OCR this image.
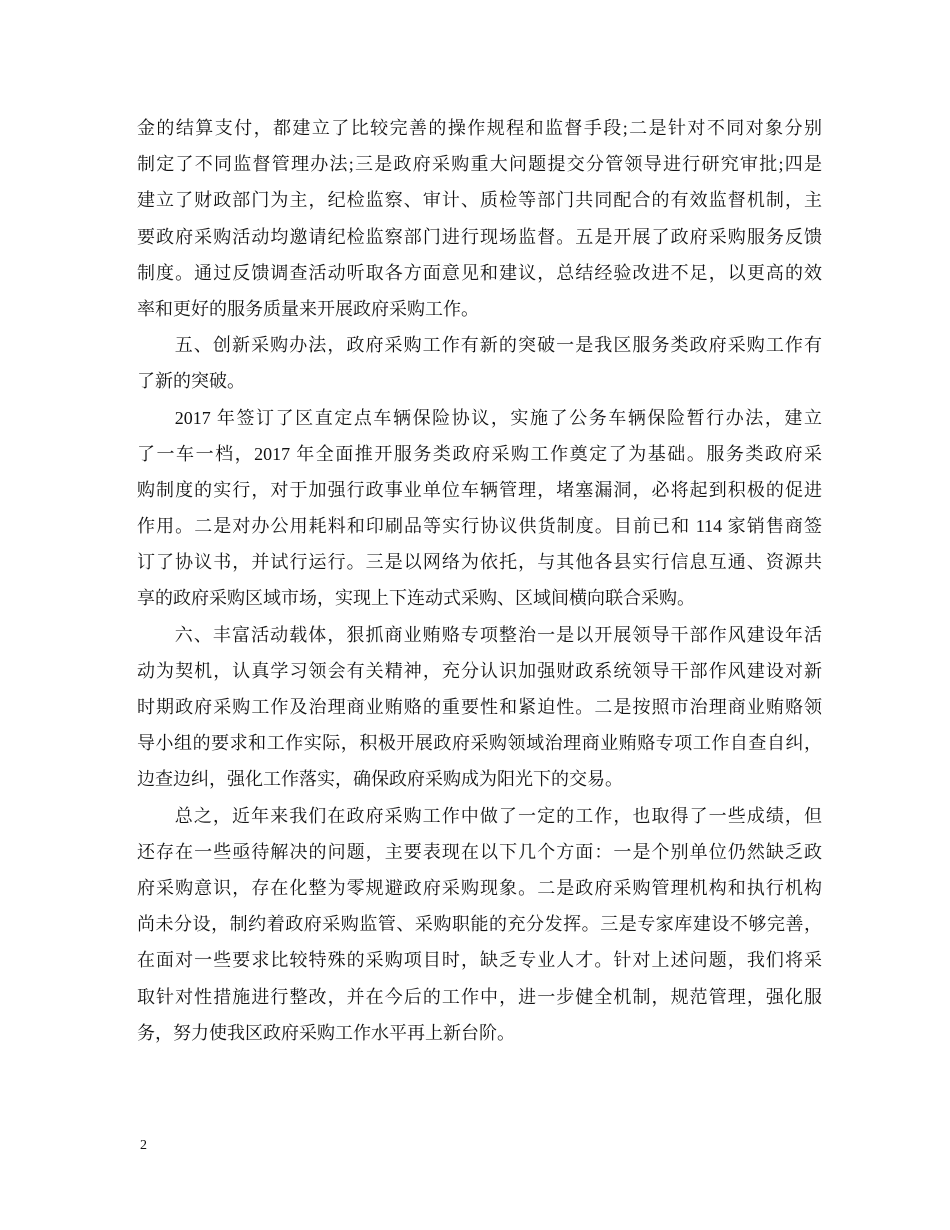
金的结算支付，都建立了比较完善的操作规程和监督手段;二是针对不同对象分别
制定了不同监督管理办法;三是政府采购重大问题提交分管领导进行研究审批;四是
建立了财政部门为主，纪检监察、审计、质检等部门共同配合的有效监督机制，主
要政府采购活动均邀请纪检监察部门进行现场监督。五是开展了政府采购服务反馈
制度。通过反馈调查活动听取各方面意见和建议，总结经验改进不足，以更高的效
率和更好的服务质量来开展政府采购工作。
五、创新采购办法，政府采购工作有新的突破一是我区服务类政府采购工作有
了新的突破。
2017 年签订了区直定点车辆保险协议，实施了公务车辆保险暂行办法，建立
了一车一档，2017 年全面推开服务类政府采购工作奠定了为基础。服务类政府采
购制度的实行，对于加强行政事业单位车辆管理，堵塞漏洞，必将起到积极的促进
作用。二是对办公用耗料和印刷品等实行协议供货制度。目前已和 114 家销售商签
订了协议书，并试行运行。三是以网络为依托，与其他各县实行信息互通、资源共
享的政府采购区域市场，实现上下连动式采购、区域间横向联合采购。
六、丰富活动载体，狠抓商业贿赂专项整治一是以开展领导干部作风建设年活
动为契机，认真学习领会有关精神，充分认识加强财政系统领导干部作风建设对新
时期政府采购工作及治理商业贿赂的重要性和紧迫性。二是按照市治理商业贿赂领
导小组的要求和工作实际，积极开展政府采购领域治理商业贿赂专项工作自查自纠，
边查边纠，强化工作落实，确保政府采购成为阳光下的交易。
总之，近年来我们在政府采购工作中做了一定的工作，也取得了一些成绩，但
还存在一些亟待解决的问题，主要表现在以下几个方面：一是个别单位仍然缺乏政
府采购意识，存在化整为零规避政府采购现象。二是政府采购管理机构和执行机构
尚未分设，制约着政府采购监管、采购职能的充分发挥。三是专家库建设不够完善，
在面对一些要求比较特殊的采购项目时，缺乏专业人才。针对上述问题，我们将采
取针对性措施进行整改，并在今后的工作中，进一步健全机制，规范管理，强化服
务，努力使我区政府采购工作水平再上新台阶。
2
